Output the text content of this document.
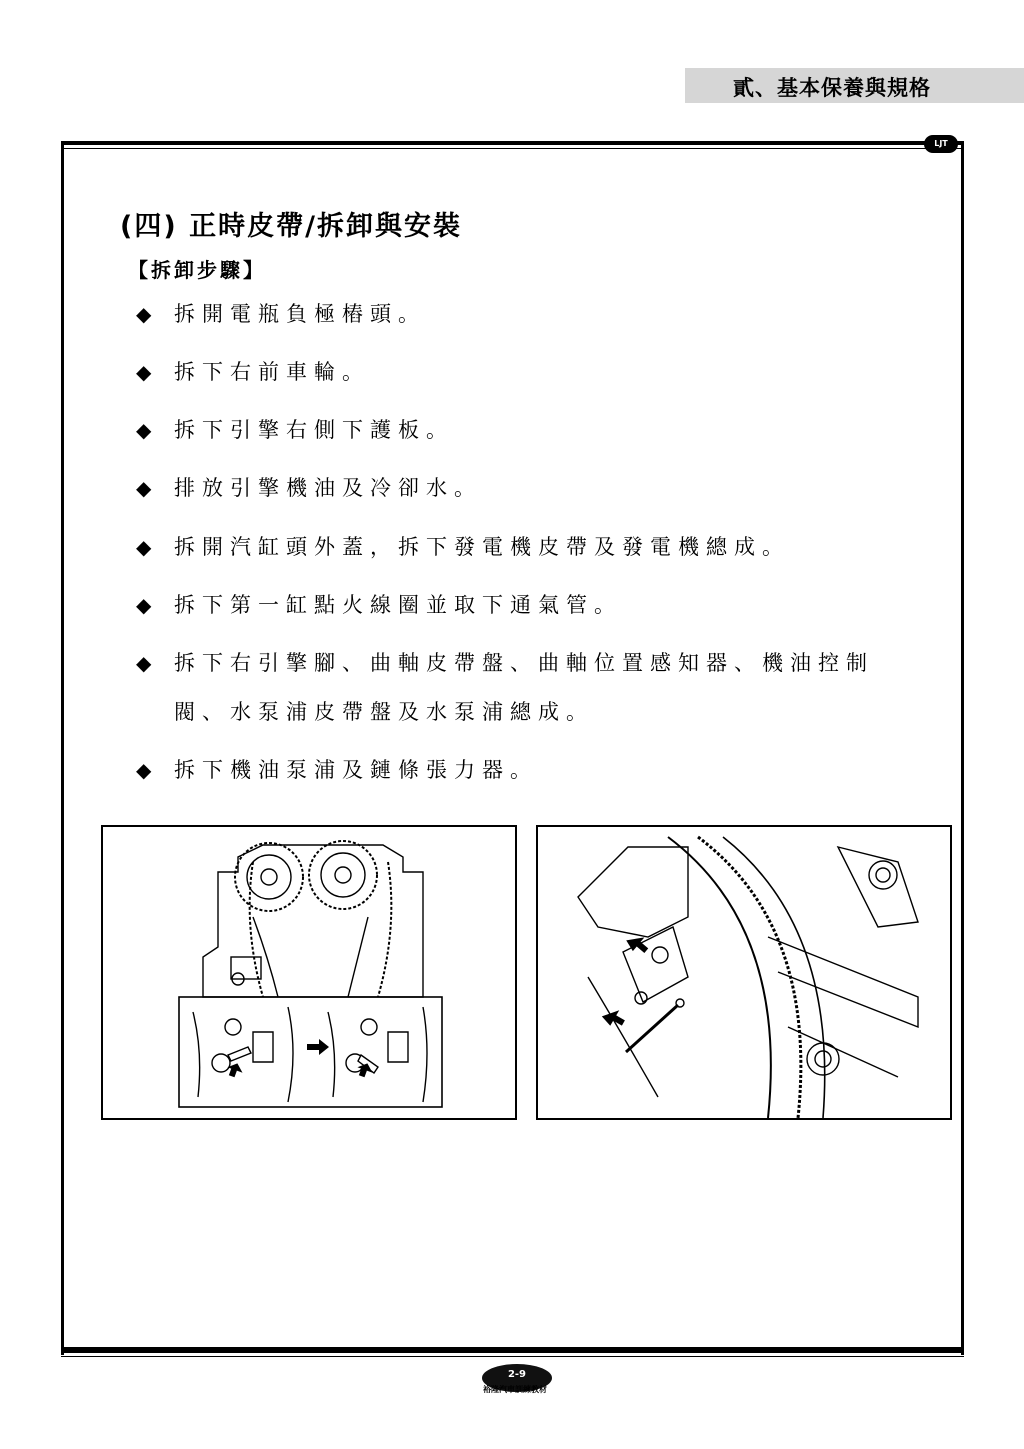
貳、基本保養與規格
LJT
(四) 正時皮帶/拆卸與安裝
【拆卸步驟】
◆ 拆開電瓶負極樁頭。
◆ 拆下右前車輪。
◆ 拆下引擎右側下護板。
◆ 排放引擎機油及冷卻水。
◆ 拆開汽缸頭外蓋，拆下發電機皮帶及發電機總成。
◆ 拆下第一缸點火線圈並取下通氣管。
◆ 拆下右引擎腳、曲軸皮帶盤、曲軸位置感知器、機油控制
閥、水泵浦皮帶盤及水泵浦總成。
◆ 拆下機油泵浦及鏈條張力器。
2-9
裕隆汽車訓練教材
